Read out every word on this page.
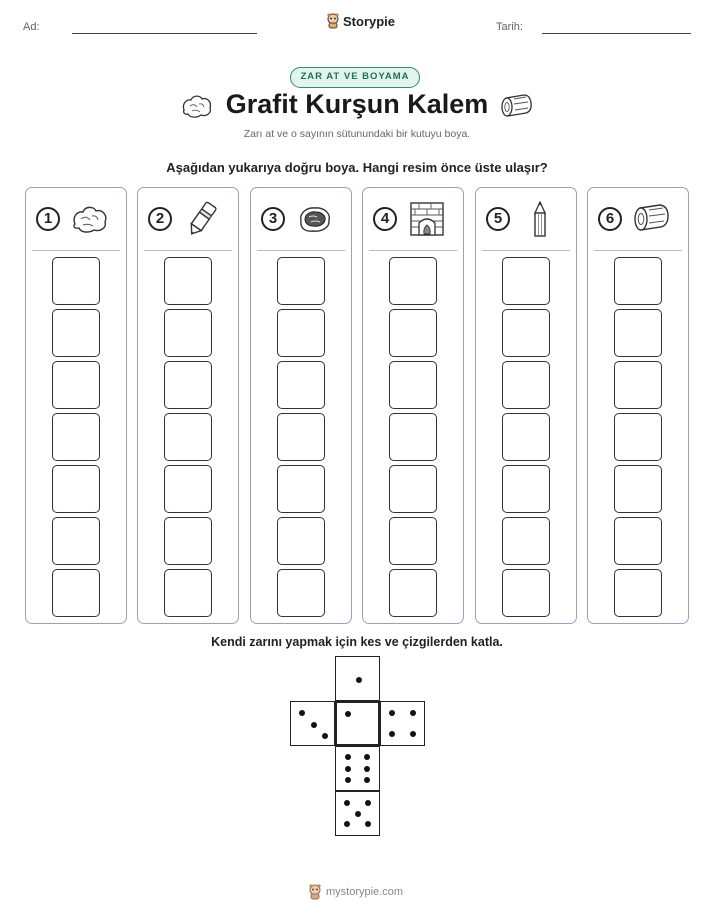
Ad:	Tarih:
Storypie
ZAR AT VE BOYAMA
Grafit Kurşun Kalem
Zarı at ve o sayının sütunundaki bir kutuyu boya.
Aşağıdan yukarıya doğru boya. Hangi resim önce üste ulaşır?
1	2	3	4	5	6
Kendi zarını yapmak için kes ve çizgilerden katla.
mystorypie.com
